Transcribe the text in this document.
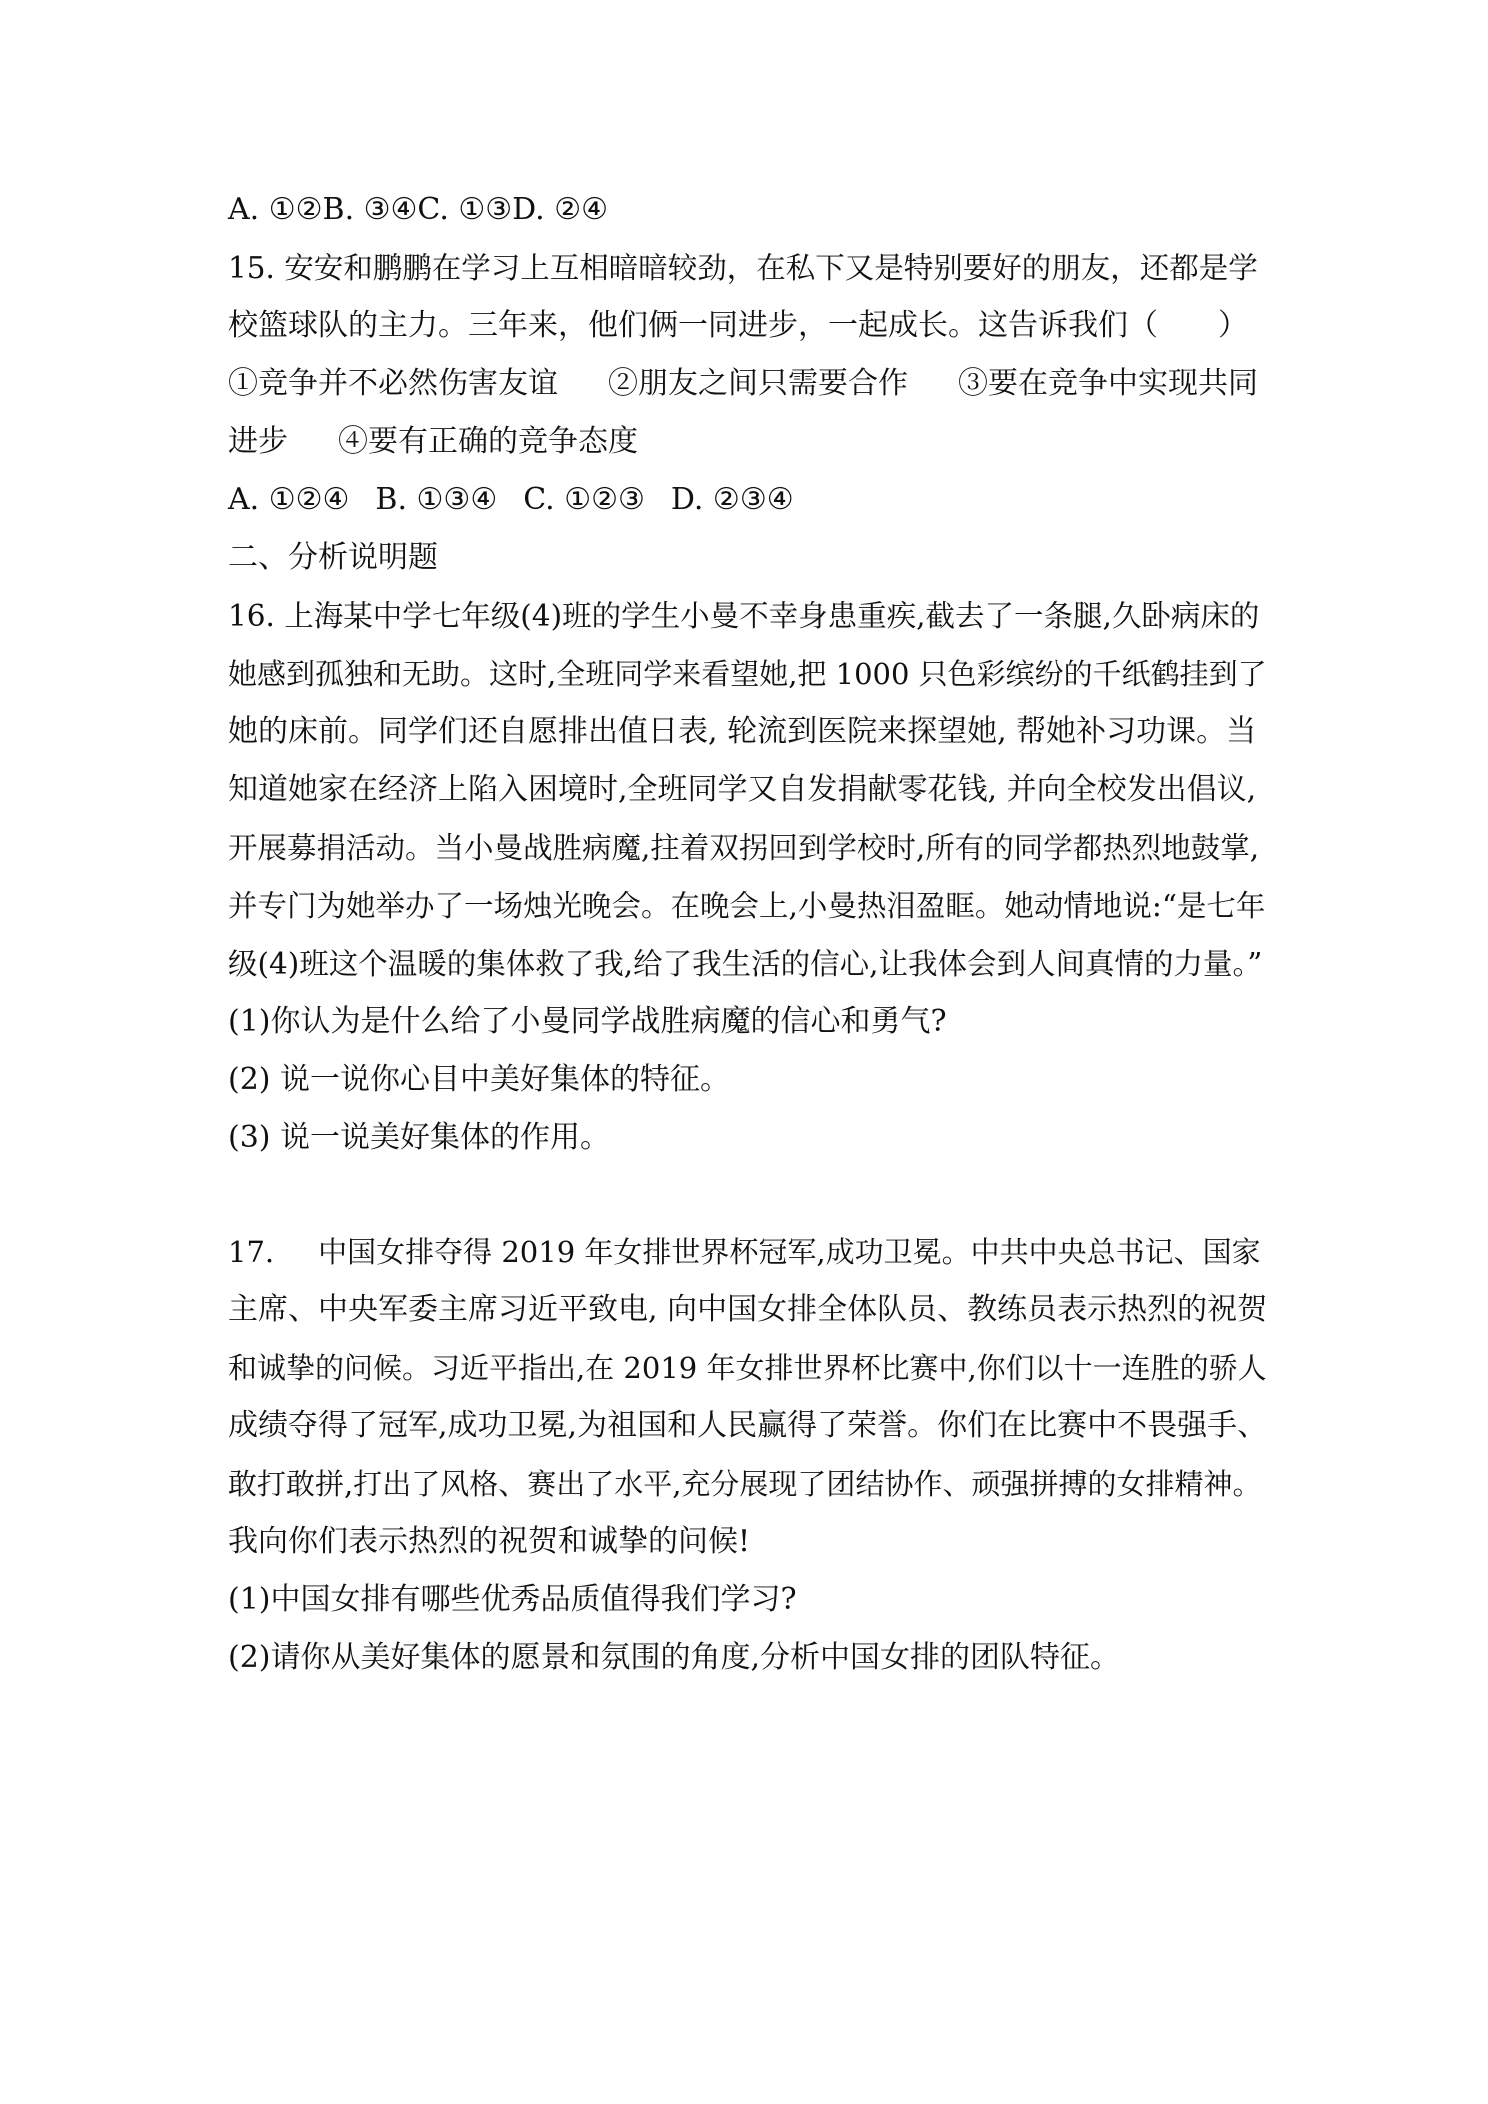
A. ①②B. ③④C. ①③D. ②④
15. 安安和鹏鹏在学习上互相暗暗较劲，在私下又是特别要好的朋友，还都是学
校篮球队的主力。三年来，他们俩一同进步，一起成长。这告诉我们（　　）
①竞争并不必然伤害友谊 ②朋友之间只需要合作 ③要在竞争中实现共同
进步 ④要有正确的竞争态度
A. ①②④ B. ①③④ C. ①②③ D. ②③④
二、分析说明题
16. 上海某中学七年级(4)班的学生小曼不幸身患重疾,截去了一条腿,久卧病床的
她感到孤独和无助。这时,全班同学来看望她,把 1000 只色彩缤纷的千纸鹤挂到了
她的床前。同学们还自愿排出值日表, 轮流到医院来探望她, 帮她补习功课。当
知道她家在经济上陷入困境时,全班同学又自发捐献零花钱, 并向全校发出倡议,
开展募捐活动。当小曼战胜病魔,拄着双拐回到学校时,所有的同学都热烈地鼓掌,
并专门为她举办了一场烛光晚会。在晚会上,小曼热泪盈眶。她动情地说:“是七年
级(4)班这个温暖的集体救了我,给了我生活的信心,让我体会到人间真情的力量。”
(1)你认为是什么给了小曼同学战胜病魔的信心和勇气?
(2) 说一说你心目中美好集体的特征。
(3) 说一说美好集体的作用。
17. 中国女排夺得 2019 年女排世界杯冠军,成功卫冕。中共中央总书记、国家
主席、中央军委主席习近平致电, 向中国女排全体队员、教练员表示热烈的祝贺
和诚挚的问候。习近平指出,在 2019 年女排世界杯比赛中,你们以十一连胜的骄人
成绩夺得了冠军,成功卫冕,为祖国和人民赢得了荣誉。你们在比赛中不畏强手、
敢打敢拼,打出了风格、赛出了水平,充分展现了团结协作、顽强拼搏的女排精神。
我向你们表示热烈的祝贺和诚挚的问候!
(1)中国女排有哪些优秀品质值得我们学习?
(2)请你从美好集体的愿景和氛围的角度,分析中国女排的团队特征。
